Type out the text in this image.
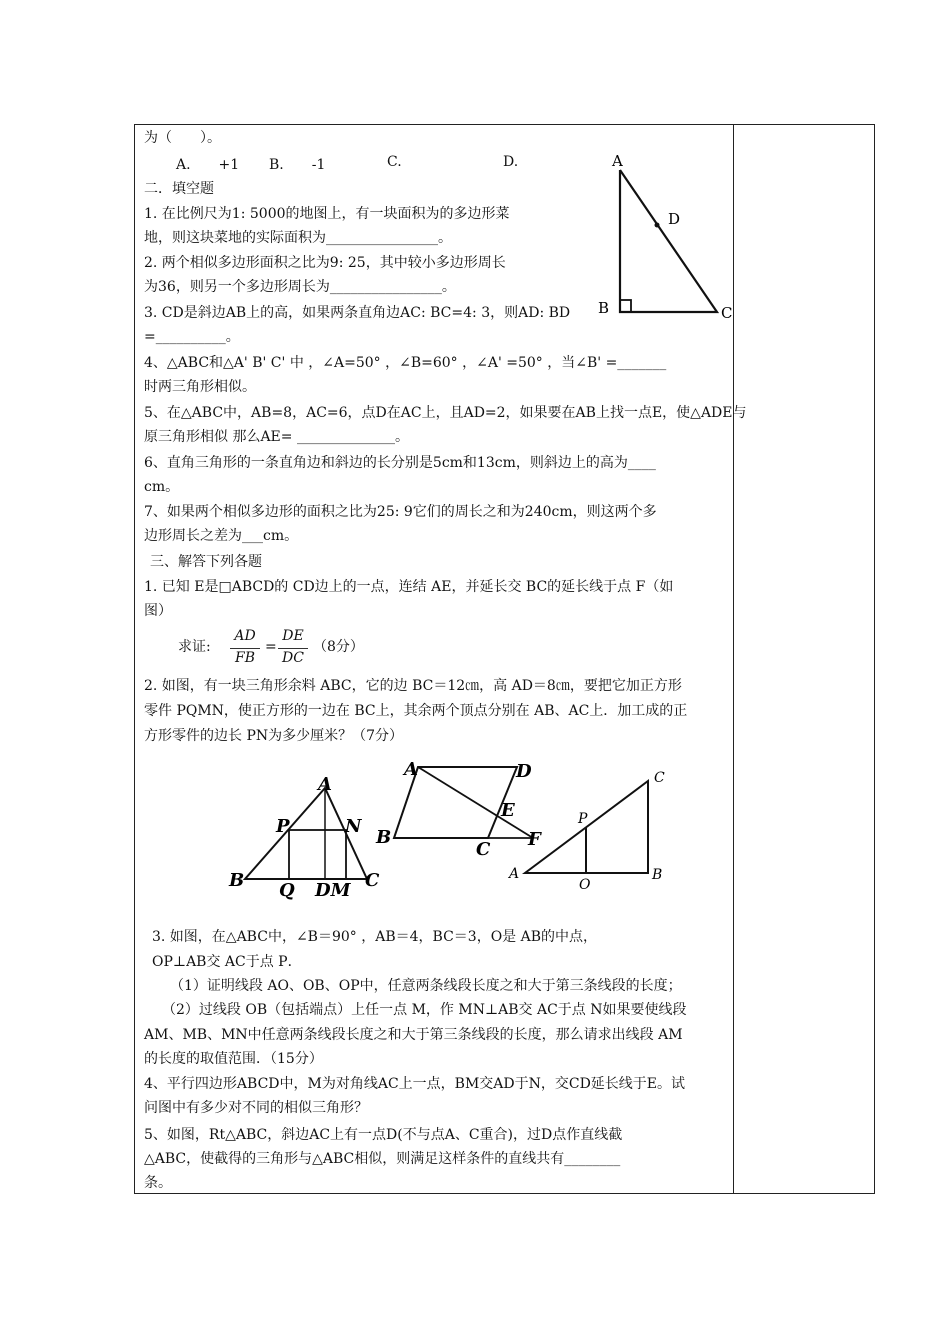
为（　　）。
A.　　+1 B.　　-1	C.	D.
二．填空题
1. 在比例尺为1: 5000的地图上，有一块面积为的多边形菜
地，则这块菜地的实际面积为________________。
2. 两个相似多边形面积之比为9: 25，其中较小多边形周长
为36，则另一个多边形周长为________________。
3. CD是斜边AB上的高，如果两条直角边AC: BC=4: 3，则AD: BD
=__________。
4、△ABC和△A' B' C' 中 ，∠A=50° ，∠B=60° ，∠A' =50° ，当∠B' =_______
时两三角形相似。
5、在△ABC中，AB=8，AC=6，点D在AC上，且AD=2，如果要在AB上找一点E，使△ADE与
原三角形相似 那么AE= ______________。
6、直角三角形的一条直角边和斜边的长分别是5cm和13cm，则斜边上的高为____
cm。
7、如果两个相似多边形的面积之比为25: 9它们的周长之和为240cm，则这两个多
边形周长之差为___cm。
三、解答下列各题
1. 已知 E是□ABCD的 CD边上的一点，连结 AE，并延长交 BC的延长线于点 F（如
图）
求证:
AD
FB
=
DE
DC
（8分）
2. 如图，有一块三角形余料 ABC，它的边 BC＝12㎝，高 AD＝8㎝，要把它加正方形
零件 PQMN，使正方形的一边在 BC上，其余两个顶点分别在 AB、AC上．加工成的正
方形零件的边长 PN为多少厘米？（7分）
3. 如图，在△ABC中，∠B＝90° ，AB＝4，BC＝3，O是 AB的中点，
OP⊥AB交 AC于点 P．
（1）证明线段 AO、OB、OP中，任意两条线段长度之和大于第三条线段的长度；
（2）过线段 OB（包括端点）上任一点 M，作 MN⊥AB交 AC于点 N如果要使线段
AM、MB、MN中任意两条线段长度之和大于第三条线段的长度，那么请求出线段 AM
的长度的取值范围．（15分）
4、平行四边形ABCD中，M为对角线AC上一点，BM交AD于N，交CD延长线于E。试
问图中有多少对不同的相似三角形？
5、如图，Rt△ABC，斜边AC上有一点D(不与点A、C重合)，过D点作直线截
△ABC，使截得的三角形与△ABC相似，则满足这样条件的直线共有________
条。
A
B	C
D
A
P	N
B Q DM C
A	D
B
C
E
F
C
P
A
O
B
